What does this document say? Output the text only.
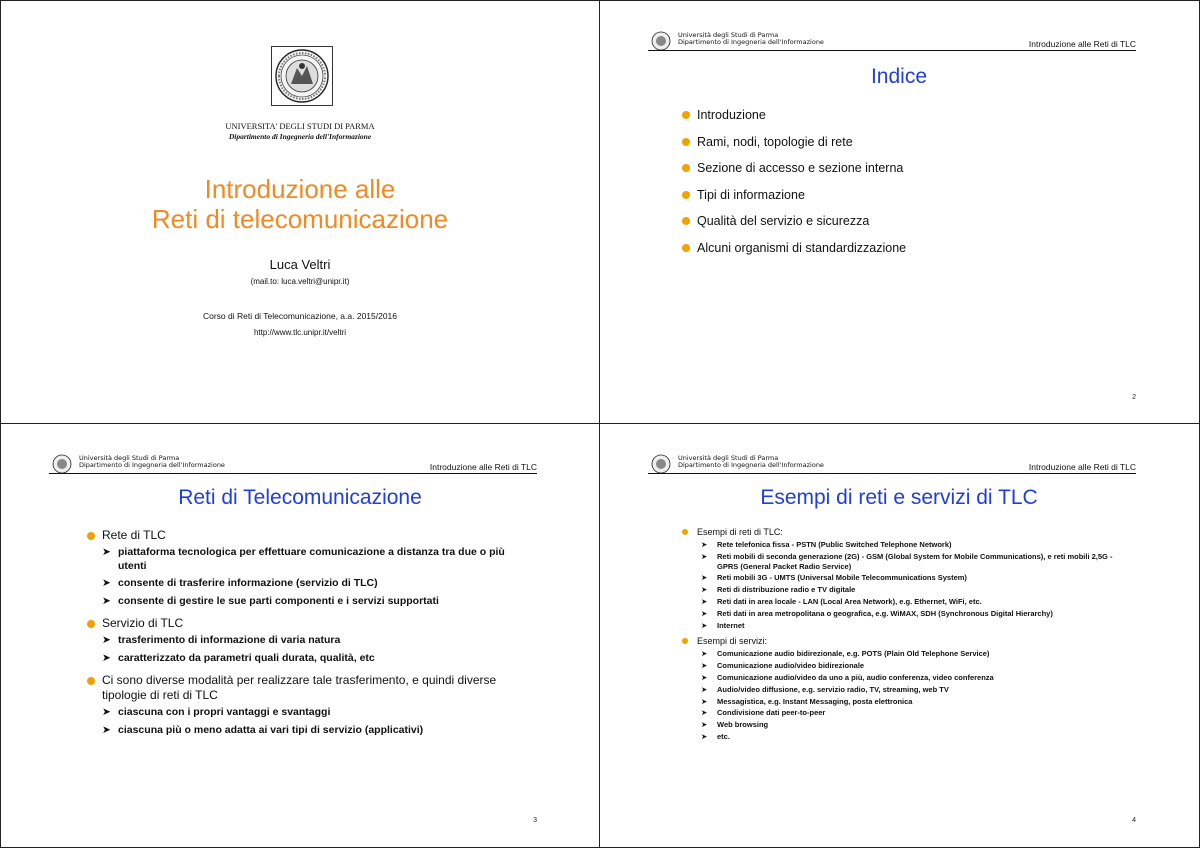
UNIVERSITA' DEGLI STUDI DI PARMA
Dipartimento di Ingegneria dell'Informazione
Introduzione alle
Reti di telecomunicazione
Luca Veltri
(mail.to: luca.veltri@unipr.it)
Corso di Reti di Telecomunicazione, a.a. 2015/2016
http://www.tlc.unipr.it/veltri
Università degli Studi di Parma
Dipartimento di Ingegneria dell'Informazione	Introduzione alle Reti di TLC
Indice
Introduzione
Rami, nodi, topologie di rete
Sezione di accesso e sezione interna
Tipi di informazione
Qualità del servizio e sicurezza
Alcuni organismi di standardizzazione
2
Università degli Studi di Parma
Dipartimento di Ingegneria dell'Informazione	Introduzione alle Reti di TLC
Reti di Telecomunicazione
Rete di TLC
➤ piattaforma tecnologica per effettuare comunicazione a distanza tra due o più utenti
➤ consente di trasferire informazione (servizio di TLC)
➤ consente di gestire le sue parti componenti e i servizi supportati
Servizio di TLC
➤ trasferimento di informazione di varia natura
➤ caratterizzato da parametri quali durata, qualità, etc
Ci sono diverse modalità per realizzare tale trasferimento, e quindi diverse tipologie di reti di TLC
➤ ciascuna con i propri vantaggi e svantaggi
➤ ciascuna più o meno adatta ai vari tipi di servizio (applicativi)
3
Università degli Studi di Parma
Dipartimento di Ingegneria dell'Informazione	Introduzione alle Reti di TLC
Esempi di reti e servizi di TLC
Esempi di reti di TLC:
➤ Rete telefonica fissa - PSTN (Public Switched Telephone Network)
➤ Reti mobili di seconda generazione (2G) - GSM (Global System for Mobile Communications), e reti mobili 2,5G - GPRS (General Packet Radio Service)
➤ Reti mobili 3G - UMTS (Universal Mobile Telecommunications System)
➤ Reti di distribuzione radio e TV digitale
➤ Reti dati in area locale - LAN (Local Area Network), e.g. Ethernet, WiFi, etc.
➤ Reti dati in area metropolitana o geografica, e.g. WiMAX, SDH (Synchronous Digital Hierarchy)
➤ Internet
Esempi di servizi:
➤ Comunicazione audio bidirezionale, e.g. POTS (Plain Old Telephone Service)
➤ Comunicazione audio/video bidirezionale
➤ Comunicazione audio/video da uno a più, audio conferenza, video conferenza
➤ Audio/video diffusione, e.g. servizio radio, TV, streaming, web TV
➤ Messagistica, e.g. Instant Messaging, posta elettronica
➤ Condivisione dati peer-to-peer
➤ Web browsing
➤ etc.
4
